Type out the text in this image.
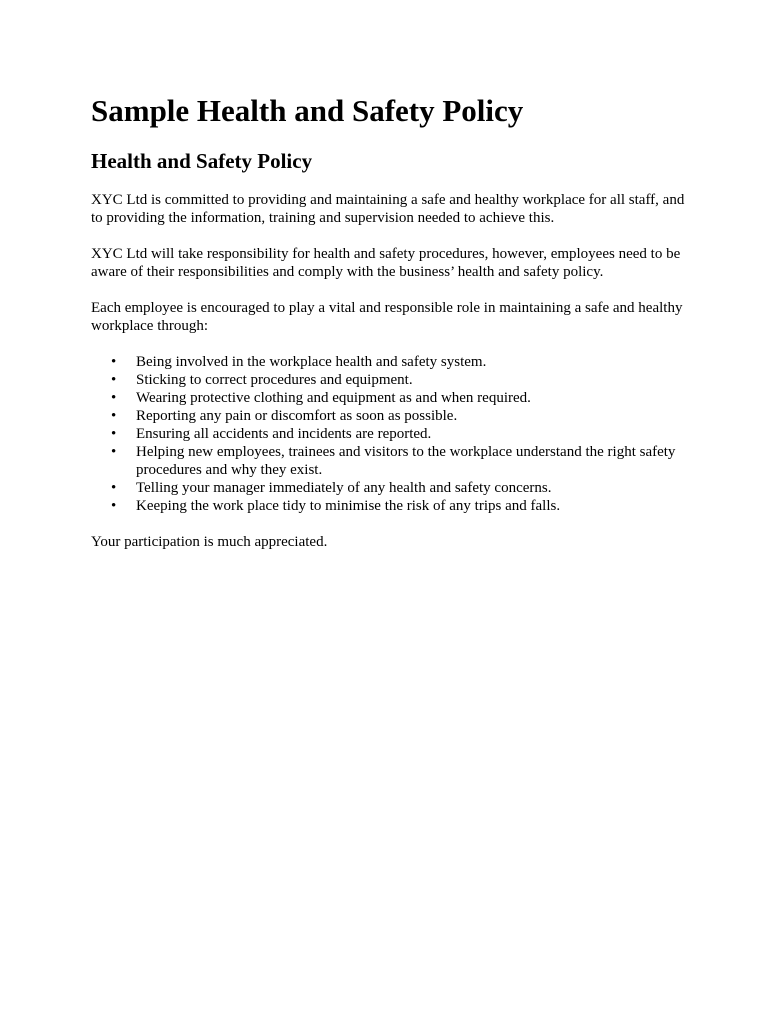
Sample Health and Safety Policy
Health and Safety Policy

XYC Ltd is committed to providing and maintaining a safe and healthy workplace for all staff, and to providing the information, training and supervision needed to achieve this.

XYC Ltd will take responsibility for health and safety procedures, however, employees need to be aware of their responsibilities and comply with the business’ health and safety policy.

Each employee is encouraged to play a vital and responsible role in maintaining a safe and healthy workplace through:

• Being involved in the workplace health and safety system.
• Sticking to correct procedures and equipment.
• Wearing protective clothing and equipment as and when required.
• Reporting any pain or discomfort as soon as possible.
• Ensuring all accidents and incidents are reported.
• Helping new employees, trainees and visitors to the workplace understand the right safety procedures and why they exist.
• Telling your manager immediately of any health and safety concerns.
• Keeping the work place tidy to minimise the risk of any trips and falls.

Your participation is much appreciated.
